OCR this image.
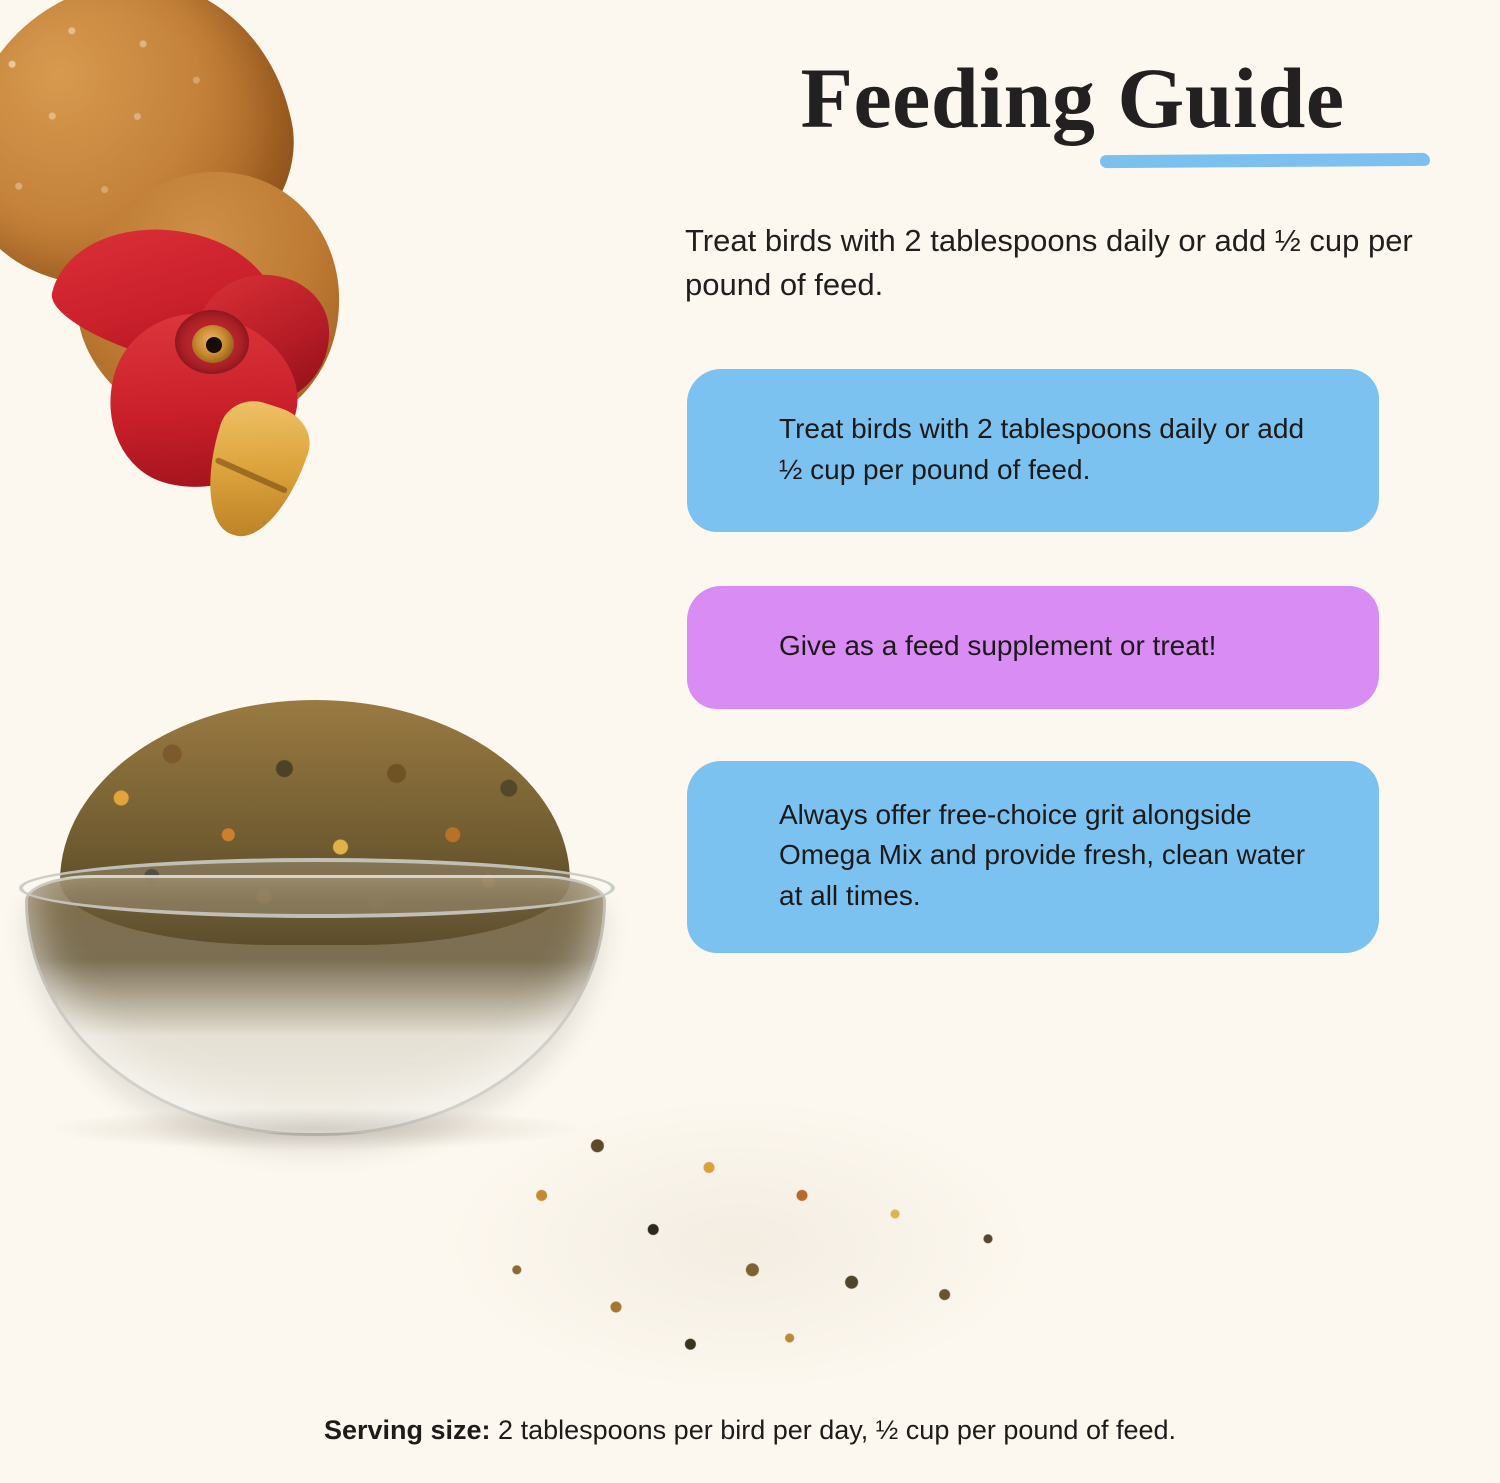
Feeding Guide

Treat birds with 2 tablespoons daily or add ½ cup per pound of feed.

Treat birds with 2 tablespoons daily or add ½ cup per pound of feed.
Give as a feed supplement or treat!
Always offer free-choice grit alongside Omega Mix and provide fresh, clean water at all times.
Serving size: 2 tablespoons per bird per day, ½ cup per pound of feed.
